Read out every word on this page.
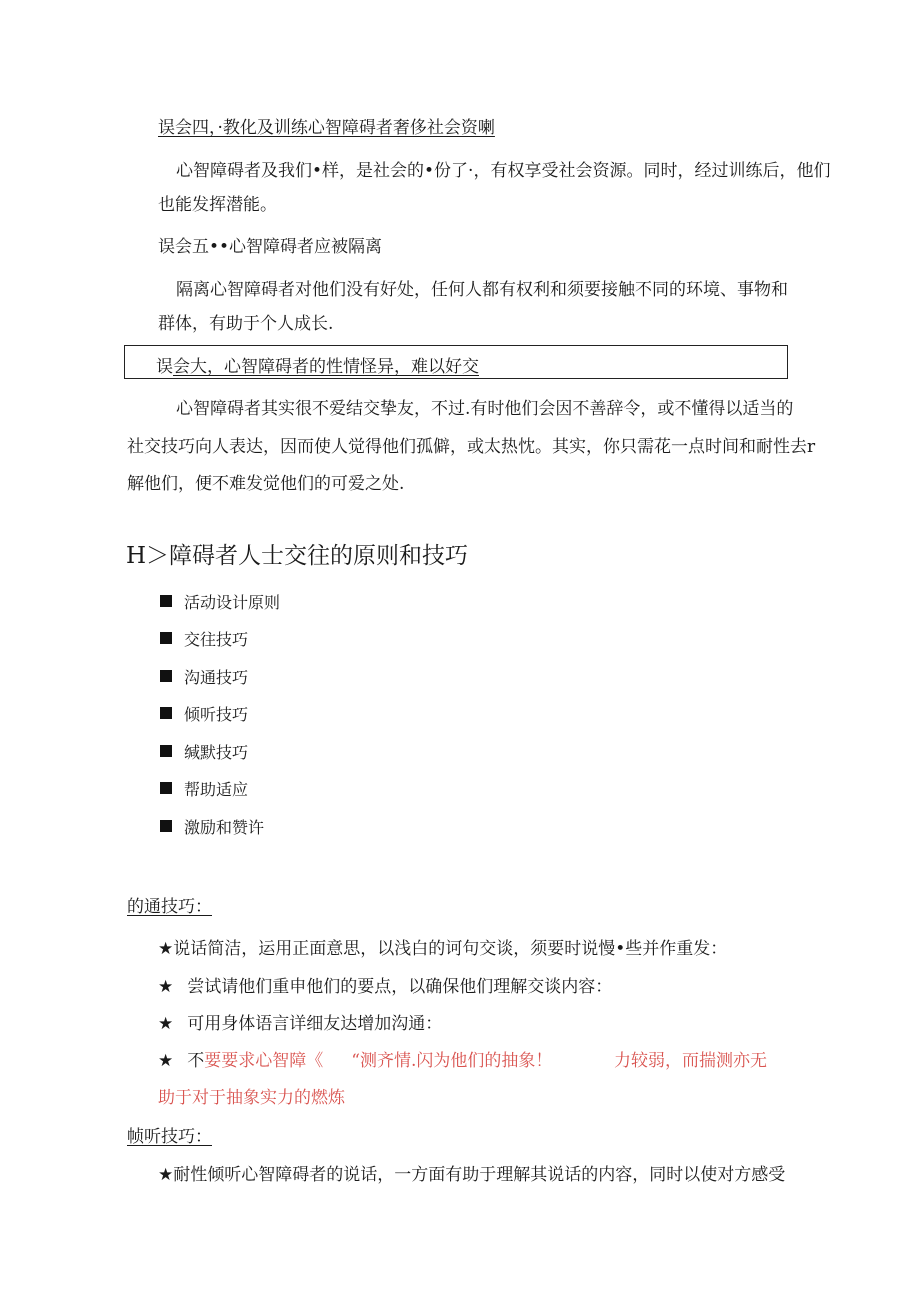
误会四，·教化及训练心智障碍者奢侈社会资喇
心智障碍者及我们•样，是社会的•份了·，有权享受社会资源。同时，经过训练后，他们
也能发挥潜能。
误会五••心智障碍者应被隔离
隔离心智障碍者对他们没有好处，任何人都有权利和须要接触不同的环境、事物和
群体，有助于个人成长.
误会大，心智障碍者的性情怪异，难以好交
心智障碍者其实很不爱结交挚友，不过.有时他们会因不善辞令，或不懂得以适当的
社交技巧向人表达，因而使人觉得他们孤僻，或太热忱。其实，你只需花一点时间和耐性去r
解他们，便不难发觉他们的可爱之处.
H＞障碍者人士交往的原则和技巧
活动设计原则
交往技巧
沟通技巧
倾听技巧
缄默技巧
帮助适应
激励和赞许
的通技巧：
★说话简洁，运用正面意思，以浅白的诃句交谈，须要时说慢•些并作重发：
★ 尝试请他们重申他们的要点，以确保他们理解交谈内容：
★ 可用身体语言详细友达增加沟通：
★ 不要要求心智障《 “测齐情.闪为他们的抽象！	力较弱，而揣测亦无
助于对于抽象实力的燃炼
帧听技巧：
★耐性倾听心智障碍者的说话，一方面有助于理解其说话的内容，同时以使对方感受
